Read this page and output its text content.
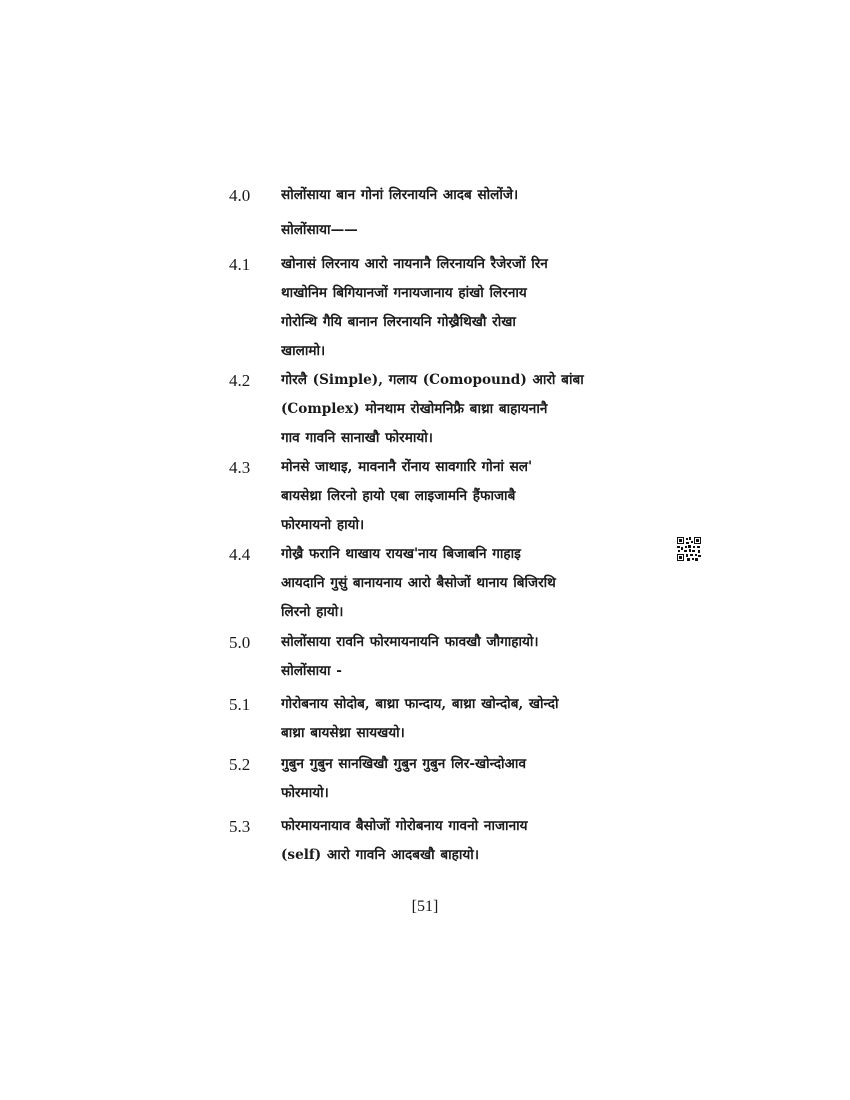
4.0 सोलोंसाया बान गोनां लिरनायनि आदब सोलोंजेे।
सोलोंसाया——
4.1 खोनासं लिरनाय आरो नायनानै लिरनायनि रैजेरजों रिन
थाखोनिम बिगियानजों गनायजानाय हांखो लिरनाय
गोरोन्थि गैयि बानान लिरनायनि गोख्रैथिखौ रोखा
खालामो।
4.2 गोरलै (Simple), गलाय (Comopound) आरो बांबा
(Complex) मोनथाम रोखोमनिफ्रै बाथ्रा बाहायनानै
गाव गावनि सानाखौ फोरमायो।
4.3 मोनसे जाथाइ, मावनानै रोंनाय सावगारि गोनां सल'
बायसेथ्रा लिरनो हायो एबा लाइजामनि हैंफाजाबै
फोरमायनो हायो।
4.4 गोख्रै फरानि थाखाय रायख'नाय बिजाबनि गाहाइ
आयदानि गुसुं बानायनाय आरो बैसोजों थानाय बिजिरथि
लिरनो हायो।
5.0 सोलोंसाया रावनि फोरमायनायनि फावखौ जौगाहायो।
सोलोंसाया -
5.1 गोरोबनाय सोदोब, बाथ्रा फान्दाय, बाथ्रा खोन्दोब, खोन्दो
बाथ्रा बायसेथ्रा सायखयो।
5.2 गुबुन गुबुन सानखिखौ गुबुन गुबुन लिर-खोन्दोआव
फोरमायो।
5.3 फोरमायनायाव बैसोजों गोरोबनाय गावनो नाजानाय
(self) आरो गावनि आदबखौ बाहायो।
[51]
